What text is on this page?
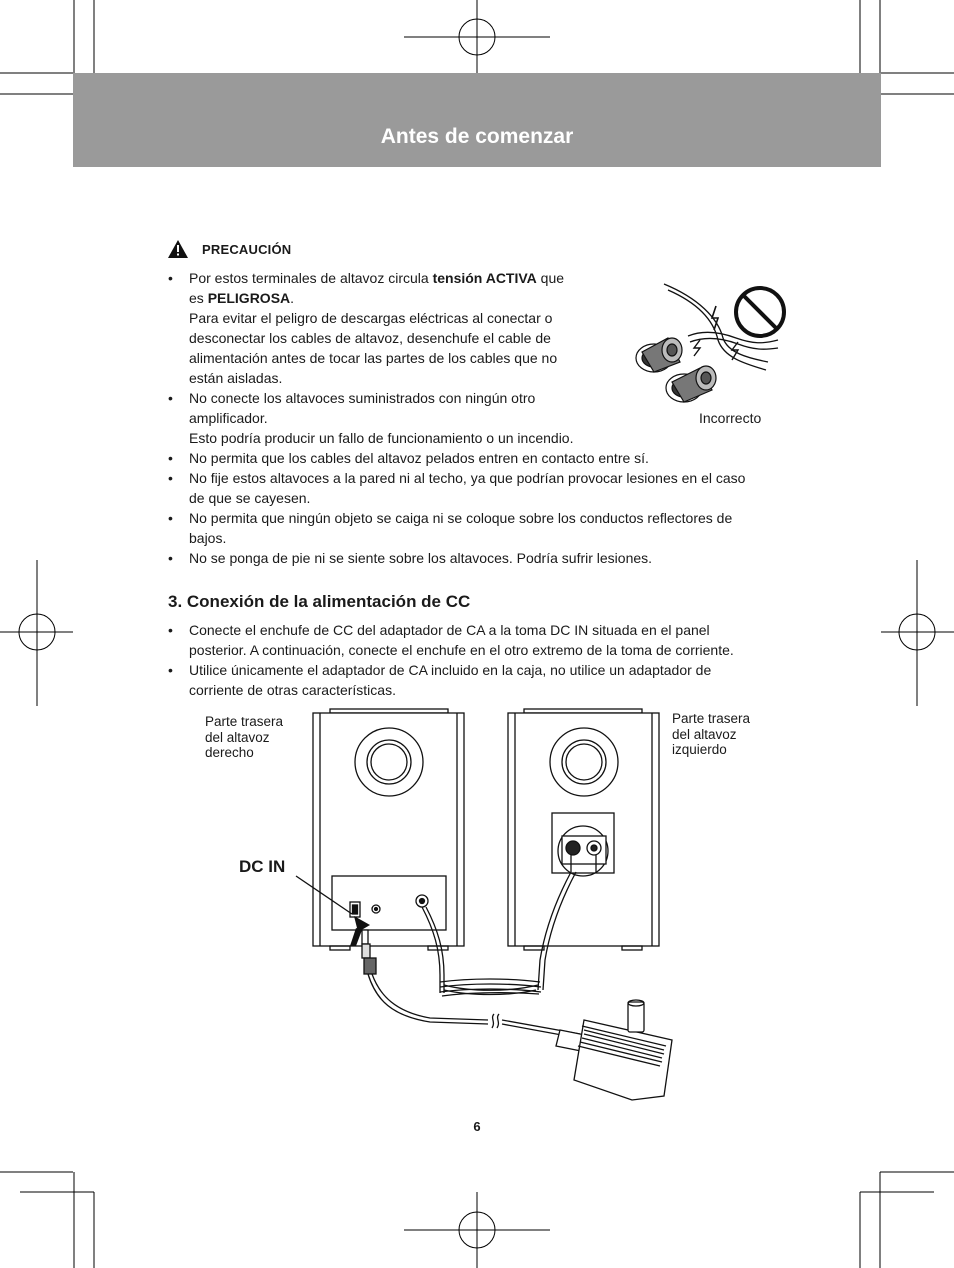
Antes de comenzar
PRECAUCIÓN
• Por estos terminales de altavoz circula tensión ACTIVA que
es PELIGROSA.
Para evitar el peligro de descargas eléctricas al conectar o
desconectar los cables de altavoz, desenchufe el cable de
alimentación antes de tocar las partes de los cables que no
están aisladas.
• No conecte los altavoces suministrados con ningún otro
amplificador.
Esto podría producir un fallo de funcionamiento o un incendio.
• No permita que los cables del altavoz pelados entren en contacto entre sí.
• No fije estos altavoces a la pared ni al techo, ya que podrían provocar lesiones en el caso
de que se cayesen.
• No permita que ningún objeto se caiga ni se coloque sobre los conductos reflectores de
bajos.
• No se ponga de pie ni se siente sobre los altavoces. Podría sufrir lesiones.
Incorrecto
3. Conexión de la alimentación de CC
• Conecte el enchufe de CC del adaptador de CA a la toma DC IN situada en el panel
posterior. A continuación, conecte el enchufe en el otro extremo de la toma de corriente.
• Utilice únicamente el adaptador de CA incluido en la caja, no utilice un adaptador de
corriente de otras características.
Parte trasera
del altavoz
derecho
Parte trasera
del altavoz
izquierdo
DC IN
6
